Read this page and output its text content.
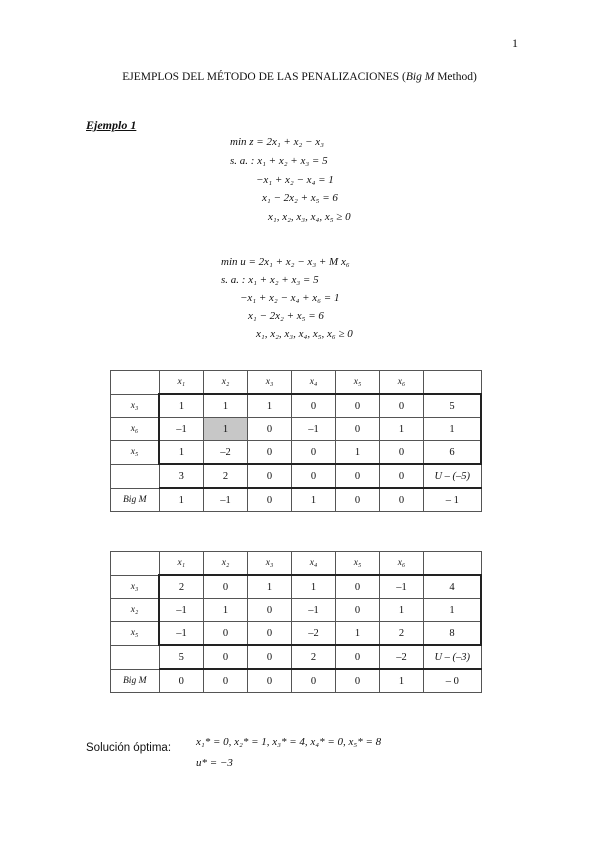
1
EJEMPLOS DEL MÉTODO DE LAS PENALIZACIONES (Big M Method)
Ejemplo 1
min z = 2x₁ + x₂ − x₃
s. a. : x₁ + x₂ + x₃ = 5
−x₁ + x₂ − x₄ = 1
x₁ − 2x₂ + x₅ = 6
x₁, x₂, x₃, x₄, x₅ ≥ 0
min u = 2x₁ + x₂ − x₃ + M x₆
s. a. : x₁ + x₂ + x₃ = 5
−x₁ + x₂ − x₄ + x₆ = 1
x₁ − 2x₂ + x₅ = 6
x₁, x₂, x₃, x₄, x₅, x₆ ≥ 0
	x₁	x₂	x₃	x₄	x₅	x₆	
x₃	1	1	1	0	0	0	5
x₆	–1	1	0	–1	0	1	1
x₅	1	–2	0	0	1	0	6
	3	2	0	0	0	0	U – (–5)
Big M	1	–1	0	1	0	0	– 1
	x₁	x₂	x₃	x₄	x₅	x₆	
x₃	2	0	1	1	0	–1	4
x₂	–1	1	0	–1	0	1	1
x₅	–1	0	0	–2	1	2	8
	5	0	0	2	0	–2	U – (–3)
Big M	0	0	0	0	0	1	– 0
Solución óptima: x₁* = 0, x₂* = 1, x₃* = 4, x₄* = 0, x₅* = 8
u* = −3
